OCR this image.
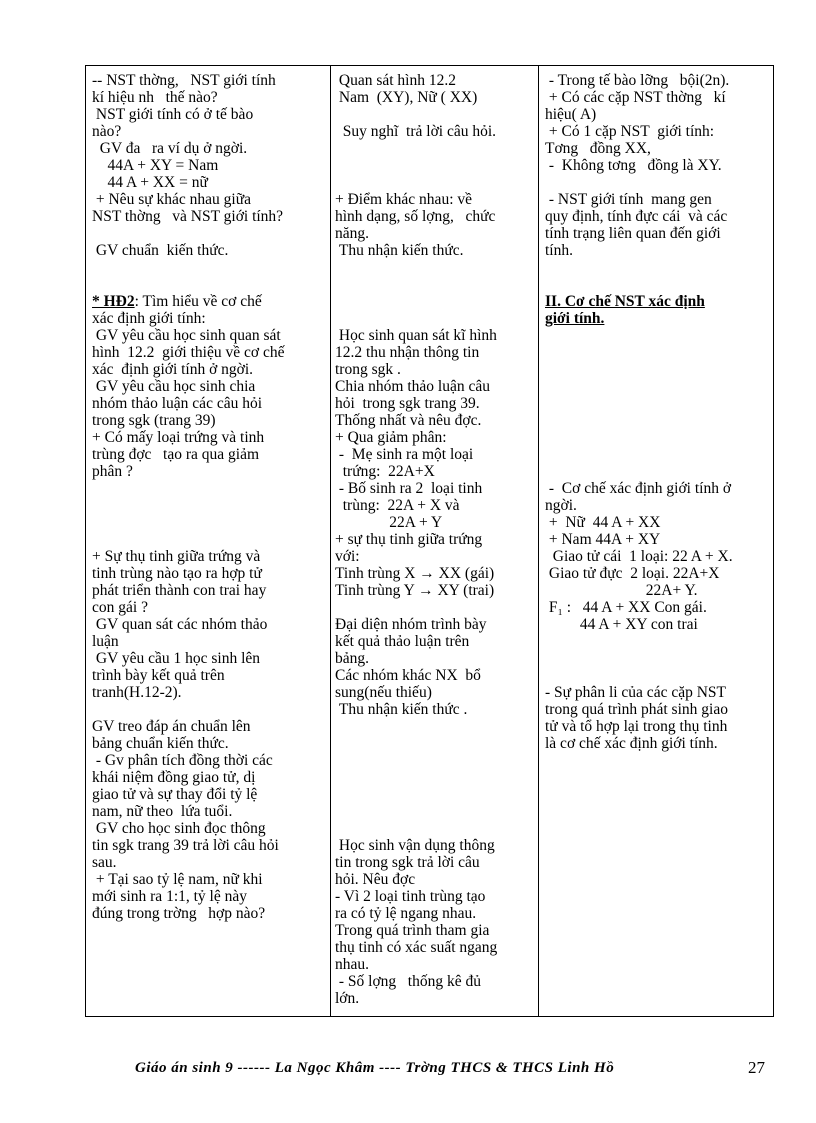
-- NST thờng,   NST giới tính

kí hiệu nh   thế nào?

NST giới tính có ở tế bào

nào?

GV đa   ra ví dụ ở ngời.

44A + XY = Nam

44 A + XX = nữ

+ Nêu sự khác nhau giữa

NST thờng   và NST giới tính?

GV chuẩn  kiến thức.

* HĐ2: Tìm hiểu về cơ chế

xác định giới tính:

GV yêu cầu học sinh quan sát

hình  12.2  giới thiệu về cơ chế

xác  định giới tính ở ngời.

GV yêu cầu học sinh chia

nhóm thảo luận các câu hỏi

trong sgk (trang 39)

+ Có mấy loại trứng và tinh

trùng đợc   tạo ra qua giảm

phân ?

+ Sự thụ tinh giữa trứng và

tinh trùng nào tạo ra hợp tử

phát triển thành con trai hay

con gái ?

GV quan sát các nhóm thảo

luận

GV yêu cầu 1 học sinh lên

trình bày kết quả trên

tranh(H.12-2).

GV treo đáp án chuẩn lên

bảng chuẩn kiến thức.

- Gv phân tích đồng thời các

khái niệm đồng giao tử, dị

giao tử và sự thay đổi tỷ lệ

nam, nữ theo  lứa tuổi.

GV cho học sinh đọc thông

tin sgk trang 39 trả lời câu hỏi

sau.

+ Tại sao tỷ lệ nam, nữ khi

mới sinh ra 1:1, tỷ lệ này

đúng trong trờng   hợp nào?

Quan sát hình 12.2

Nam  (XY), Nữ ( XX)

Suy nghĩ  trả lời câu hỏi.

+ Điểm khác nhau: về

hình dạng, số lợng,   chức

năng.

Thu nhận kiến thức.

Học sinh quan sát kĩ hình

12.2 thu nhận thông tin

trong sgk .

Chia nhóm thảo luận câu

hỏi  trong sgk trang 39.

Thống nhất và nêu đợc.

+ Qua giảm phân:

-  Mẹ sinh ra một loại

trứng:  22A+X

- Bố sinh ra 2  loại tinh

trùng:  22A + X và

22A + Y

+ sự thụ tinh giữa trứng

với:

Tinh trùng X → XX (gái)

Tinh trùng Y → XY (trai)

Đại diện nhóm trình bày

kết quả thảo luận trên

bảng.

Các nhóm khác NX  bổ

sung(nếu thiếu)

Thu nhận kiến thức .

Học sinh vận dụng thông

tin trong sgk trả lời câu

hỏi. Nêu đợc

- Vì 2 loại tinh trùng tạo

ra có tỷ lệ ngang nhau.

Trong quá trình tham gia

thụ tinh có xác suất ngang

nhau.

- Số lợng   thống kê đủ

lớn.

- Trong tế bào lỡng   bội(2n).

+ Có các cặp NST thờng   kí

hiệu( A)

+ Có 1 cặp NST  giới tính:

Tơng   đồng XX,

-  Không tơng   đồng là XY.

- NST giới tính  mang gen

quy định, tính đực cái  và các

tính trạng liên quan đến giới

tính.

II. Cơ chế NST xác định

giới tính.

-  Cơ chế xác định giới tính ở

ngời.

+  Nữ  44 A + XX

+ Nam 44A + XY

Giao tử cái  1 loại: 22 A + X.

Giao tử đực  2 loại. 22A+X

22A+ Y.

F₁ :   44 A + XX Con gái.

44 A + XY con trai

- Sự phân li của các cặp NST

trong quá trình phát sinh giao

tử và tổ hợp lại trong thụ tinh

là cơ chế xác định giới tính.

Giáo án sinh 9 ------ La Ngọc Khâm ---- Trờng THCS & THCS Linh Hồ	27
